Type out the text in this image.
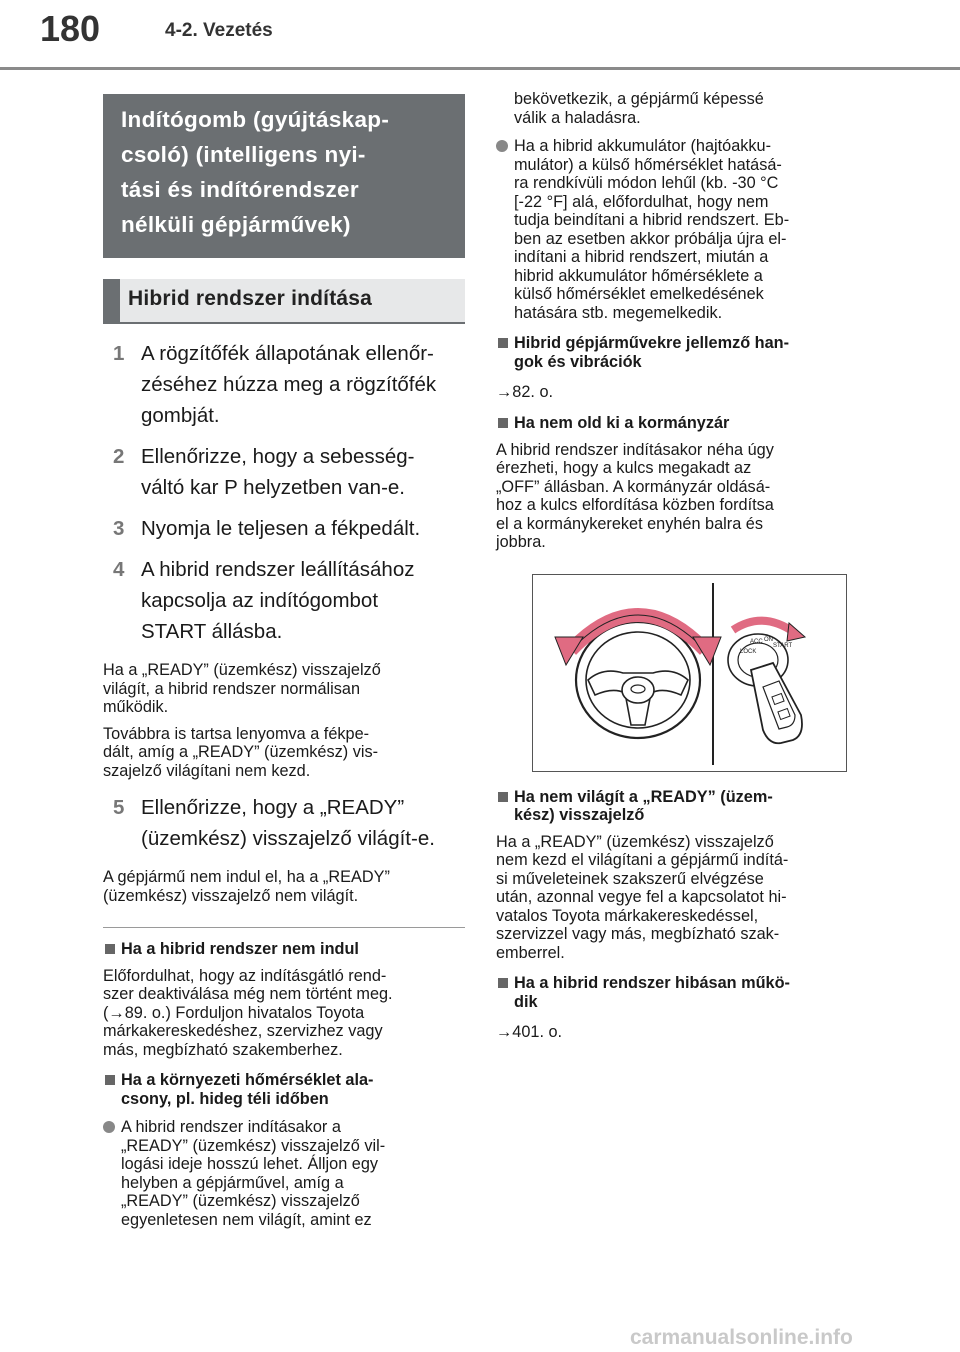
180	4-2. Vezetés
Indítógomb (gyújtáskap-
csoló) (intelligens nyi-
tási és indítórendszer
nélküli gépjárművek)
Hibrid rendszer indítása
1 A rögzítőfék állapotának ellenőr-
zéséhez húzza meg a rögzítőfék
gombját.
2 Ellenőrizze, hogy a sebesség-
váltó kar P helyzetben van-e.
3 Nyomja le teljesen a fékpedált.
4 A hibrid rendszer leállításához
kapcsolja az indítógombot
START állásba.
Ha a „READY” (üzemkész) visszajelző
világít, a hibrid rendszer normálisan
működik.
Továbbra is tartsa lenyomva a fékpe-
dált, amíg a „READY” (üzemkész) vis-
szajelző világítani nem kezd.
5 Ellenőrizze, hogy a „READY”
(üzemkész) visszajelző világít-e.
A gépjármű nem indul el, ha a „READY”
(üzemkész) visszajelző nem világít.
Ha a hibrid rendszer nem indul
Előfordulhat, hogy az indításgátló rend-
szer deaktiválása még nem történt meg.
(→89. o.) Forduljon hivatalos Toyota
márkakereskedéshez, szervizhez vagy
más, megbízható szakemberhez.
Ha a környezeti hőmérséklet ala-
csony, pl. hideg téli időben
A hibrid rendszer indításakor a
„READY” (üzemkész) visszajelző vil-
logási ideje hosszú lehet. Álljon egy
helyben a gépjárművel, amíg a
„READY” (üzemkész) visszajelző
egyenletesen nem világít, amint ez
bekövetkezik, a gépjármű képessé
válik a haladásra.
Ha a hibrid akkumulátor (hajtóakku-
mulátor) a külső hőmérséklet hatásá-
ra rendkívüli módon lehűl (kb. -30 °C
[-22 °F] alá, előfordulhat, hogy nem
tudja beindítani a hibrid rendszert. Eb-
ben az esetben akkor próbálja újra el-
indítani a hibrid rendszert, miután a
hibrid akkumulátor hőmérséklete a
külső hőmérséklet emelkedésének
hatására stb. megemelkedik.
Hibrid gépjárművekre jellemző han-
gok és vibrációk
→82. o.
Ha nem old ki a kormányzár
A hibrid rendszer indításakor néha úgy
érezheti, hogy a kulcs megakadt az
„OFF” állásban. A kormányzár oldásá-
hoz a kulcs elfordítása közben fordítsa
el a kormánykereket enyhén balra és
jobbra.
LOCK
ACC ON
START
Ha nem világít a „READY” (üzem-
kész) visszajelző
Ha a „READY” (üzemkész) visszajelző
nem kezd el világítani a gépjármű indítá-
si műveleteinek szakszerű elvégzése
után, azonnal vegye fel a kapcsolatot hi-
vatalos Toyota márkakereskedéssel,
szervizzel vagy más, megbízható szak-
emberrel.
Ha a hibrid rendszer hibásan műkö-
dik
→401. o.
carmanualsonline.info
